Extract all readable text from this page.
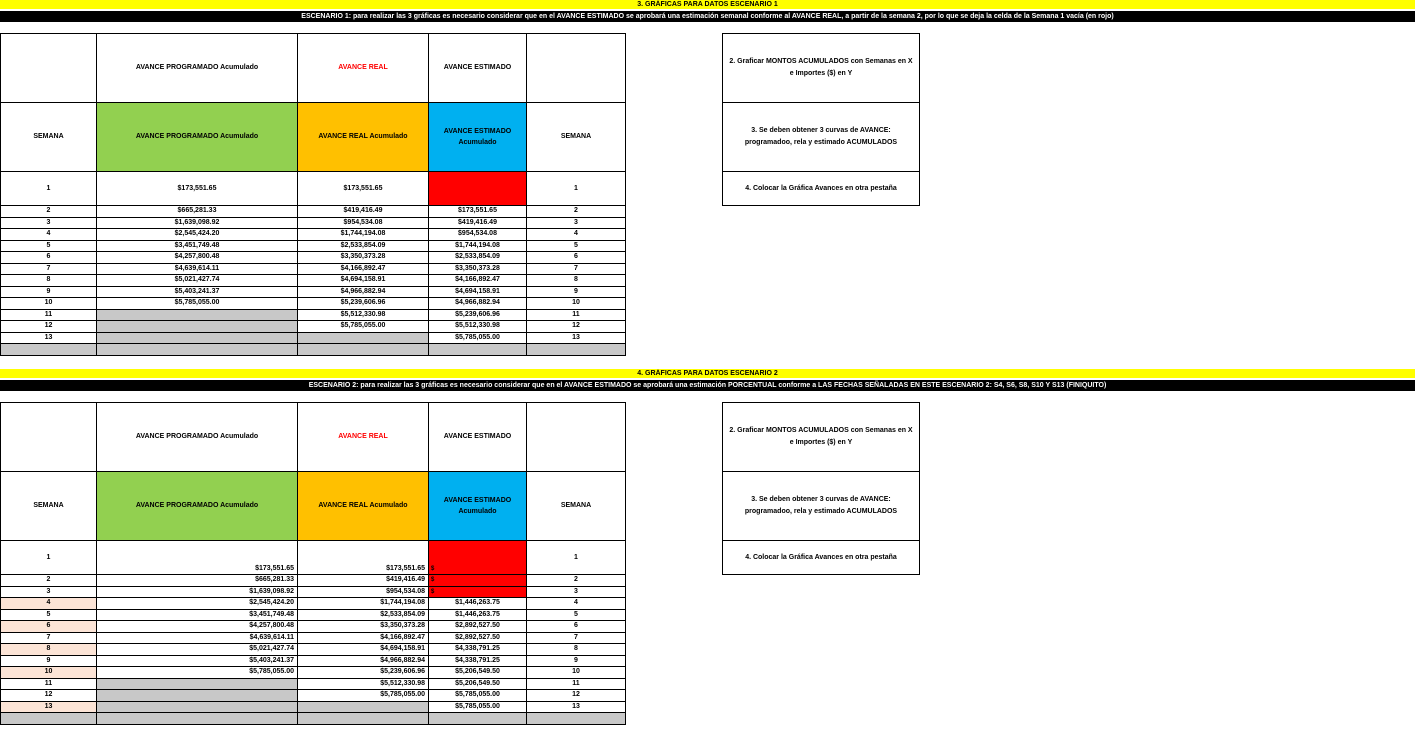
3. GRÁFICAS PARA DATOS ESCENARIO 1
ESCENARIO 1: para realizar las 3 gráficas es necesario considerar que en el AVANCE ESTIMADO se aprobará una estimación semanal conforme al AVANCE REAL, a partir de la semana 2, por lo que se deja la celda de la Semana 1 vacía (en rojo)
	AVANCE PROGRAMADO Acumulado	AVANCE REAL	AVANCE ESTIMADO	
SEMANA	AVANCE PROGRAMADO Acumulado	AVANCE REAL Acumulado	AVANCE ESTIMADO Acumulado	SEMANA
1	$173,551.65	$173,551.65		1
2	$665,281.33	$419,416.49	$173,551.65	2
3	$1,639,098.92	$954,534.08	$419,416.49	3
4	$2,545,424.20	$1,744,194.08	$954,534.08	4
5	$3,451,749.48	$2,533,854.09	$1,744,194.08	5
6	$4,257,800.48	$3,350,373.28	$2,533,854.09	6
7	$4,639,614.11	$4,166,892.47	$3,350,373.28	7
8	$5,021,427.74	$4,694,158.91	$4,166,892.47	8
9	$5,403,241.37	$4,966,882.94	$4,694,158.91	9
10	$5,785,055.00	$5,239,606.96	$4,966,882.94	10
11		$5,512,330.98	$5,239,606.96	11
12		$5,785,055.00	$5,512,330.98	12
13			$5,785,055.00	13

2. Graficar MONTOS ACUMULADOS con Semanas en X e Importes ($) en Y
3. Se deben obtener 3 curvas de AVANCE: programadoo, rela y estimado ACUMULADOS
4. Colocar la Gráfica Avances en otra pestaña
4. GRÁFICAS PARA DATOS ESCENARIO 2
ESCENARIO 2: para realizar las 3 gráficas es necesario considerar que en el AVANCE ESTIMADO se aprobará una estimación PORCENTUAL conforme a LAS FECHAS SEÑALADAS EN ESTE ESCENARIO 2: S4, S6, S8, S10 Y S13 (FINIQUITO)
	AVANCE PROGRAMADO Acumulado	AVANCE REAL	AVANCE ESTIMADO	
SEMANA	AVANCE PROGRAMADO Acumulado	AVANCE REAL Acumulado	AVANCE ESTIMADO Acumulado	SEMANA
1	$173,551.65	$173,551.65	$	1
2	$665,281.33	$419,416.49	$	2
3	$1,639,098.92	$954,534.08	$	3
4	$2,545,424.20	$1,744,194.08	$1,446,263.75	4
5	$3,451,749.48	$2,533,854.09	$1,446,263.75	5
6	$4,257,800.48	$3,350,373.28	$2,892,527.50	6
7	$4,639,614.11	$4,166,892.47	$2,892,527.50	7
8	$5,021,427.74	$4,694,158.91	$4,338,791.25	8
9	$5,403,241.37	$4,966,882.94	$4,338,791.25	9
10	$5,785,055.00	$5,239,606.96	$5,206,549.50	10
11		$5,512,330.98	$5,206,549.50	11
12		$5,785,055.00	$5,785,055.00	12
13			$5,785,055.00	13

2. Graficar MONTOS ACUMULADOS con Semanas en X e Importes ($) en Y
3. Se deben obtener 3 curvas de AVANCE: programadoo, rela y estimado ACUMULADOS
4. Colocar la Gráfica Avances en otra pestaña
